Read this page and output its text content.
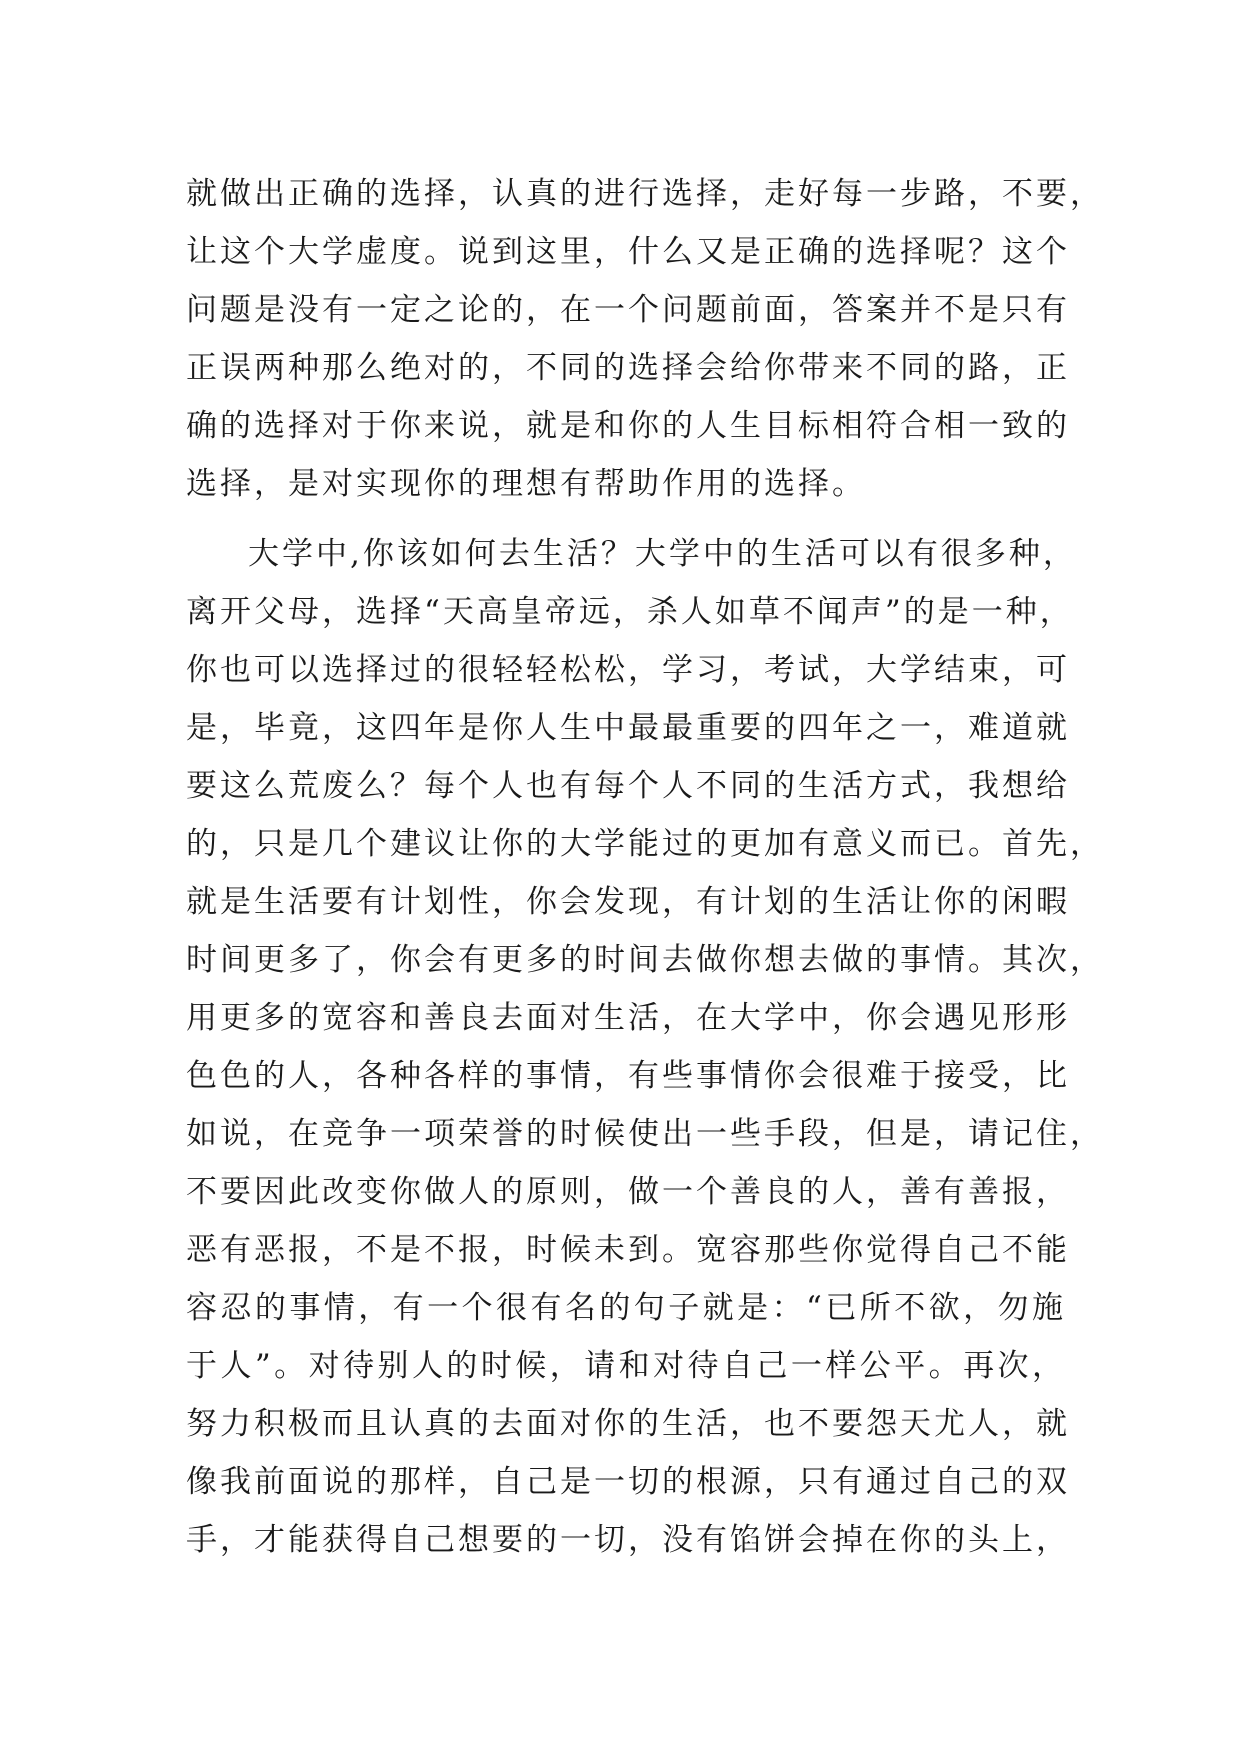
就做出正确的选择，认真的进行选择，走好每一步路，不要，
让这个大学虚度。说到这里，什么又是正确的选择呢？这个
问题是没有一定之论的，在一个问题前面，答案并不是只有
正误两种那么绝对的，不同的选择会给你带来不同的路，正
确的选择对于你来说，就是和你的人生目标相符合相一致的
选择，是对实现你的理想有帮助作用的选择。
大学中,你该如何去生活？大学中的生活可以有很多种，
离开父母，选择“天高皇帝远，杀人如草不闻声”的是一种，
你也可以选择过的很轻轻松松，学习，考试，大学结束，可
是，毕竟，这四年是你人生中最最重要的四年之一，难道就
要这么荒废么？每个人也有每个人不同的生活方式，我想给
的，只是几个建议让你的大学能过的更加有意义而已。首先，
就是生活要有计划性，你会发现，有计划的生活让你的闲暇
时间更多了，你会有更多的时间去做你想去做的事情。其次，
用更多的宽容和善良去面对生活，在大学中，你会遇见形形
色色的人，各种各样的事情，有些事情你会很难于接受，比
如说，在竞争一项荣誉的时候使出一些手段，但是，请记住，
不要因此改变你做人的原则，做一个善良的人，善有善报，
恶有恶报，不是不报，时候未到。宽容那些你觉得自己不能
容忍的事情，有一个很有名的句子就是：“已所不欲，勿施
于人”。对待别人的时候，请和对待自己一样公平。再次，
努力积极而且认真的去面对你的生活，也不要怨天尤人，就
像我前面说的那样，自己是一切的根源，只有通过自己的双
手，才能获得自己想要的一切，没有馅饼会掉在你的头上，
